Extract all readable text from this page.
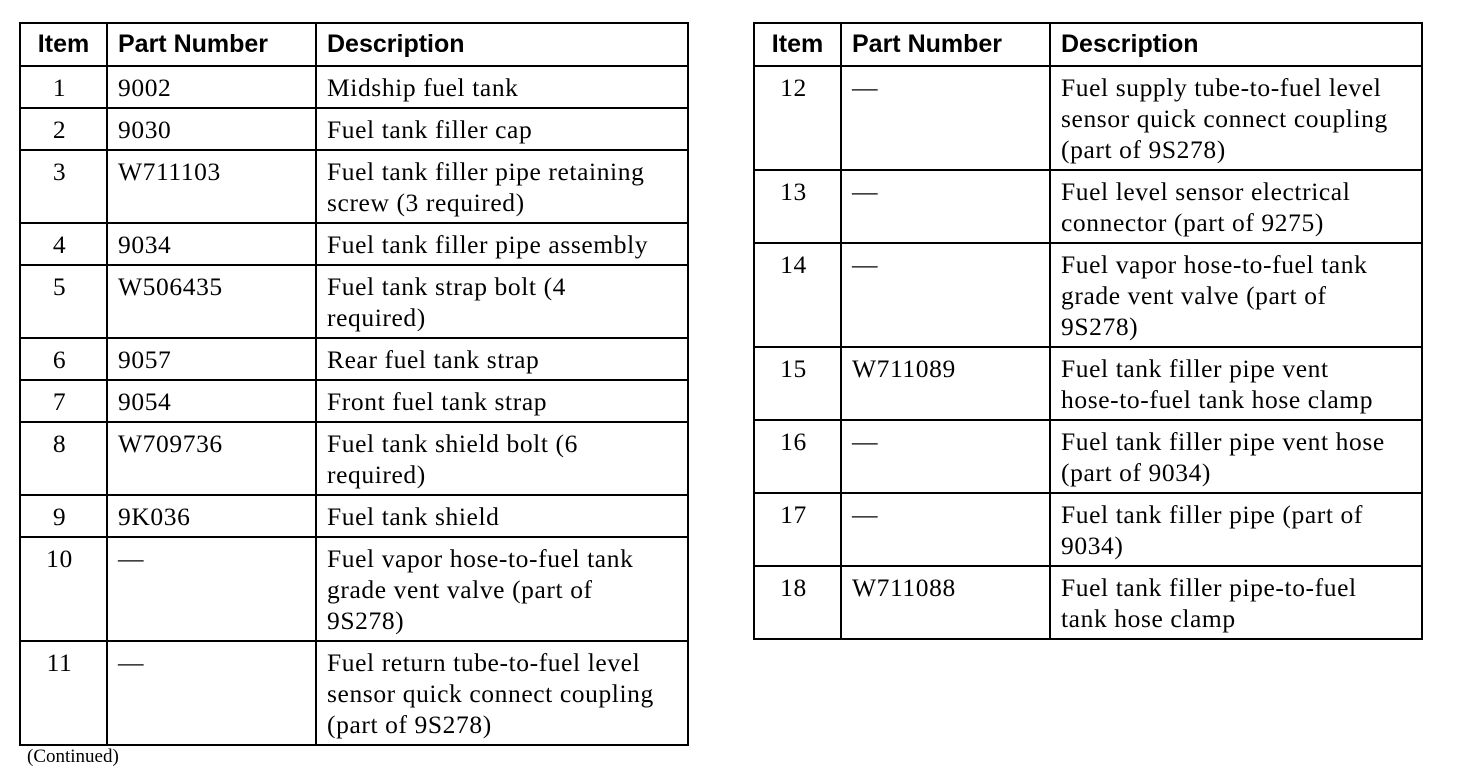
Item	Part Number	Description
1	9002	Midship fuel tank
2	9030	Fuel tank filler cap
3	W711103	Fuel tank filler pipe retaining
screw (3 required)
4	9034	Fuel tank filler pipe assembly
5	W506435	Fuel tank strap bolt (4
required)
6	9057	Rear fuel tank strap
7	9054	Front fuel tank strap
8	W709736	Fuel tank shield bolt (6
required)
9	9K036	Fuel tank shield
10	—	Fuel vapor hose-to-fuel tank
grade vent valve (part of
9S278)
11	—	Fuel return tube-to-fuel level
sensor quick connect coupling
(part of 9S278)
Item	Part Number	Description
12	—	Fuel supply tube-to-fuel level
sensor quick connect coupling
(part of 9S278)
13	—	Fuel level sensor electrical
connector (part of 9275)
14	—	Fuel vapor hose-to-fuel tank
grade vent valve (part of
9S278)
15	W711089	Fuel tank filler pipe vent
hose-to-fuel tank hose clamp
16	—	Fuel tank filler pipe vent hose
(part of 9034)
17	—	Fuel tank filler pipe (part of
9034)
18	W711088	Fuel tank filler pipe-to-fuel
tank hose clamp
(Continued)
